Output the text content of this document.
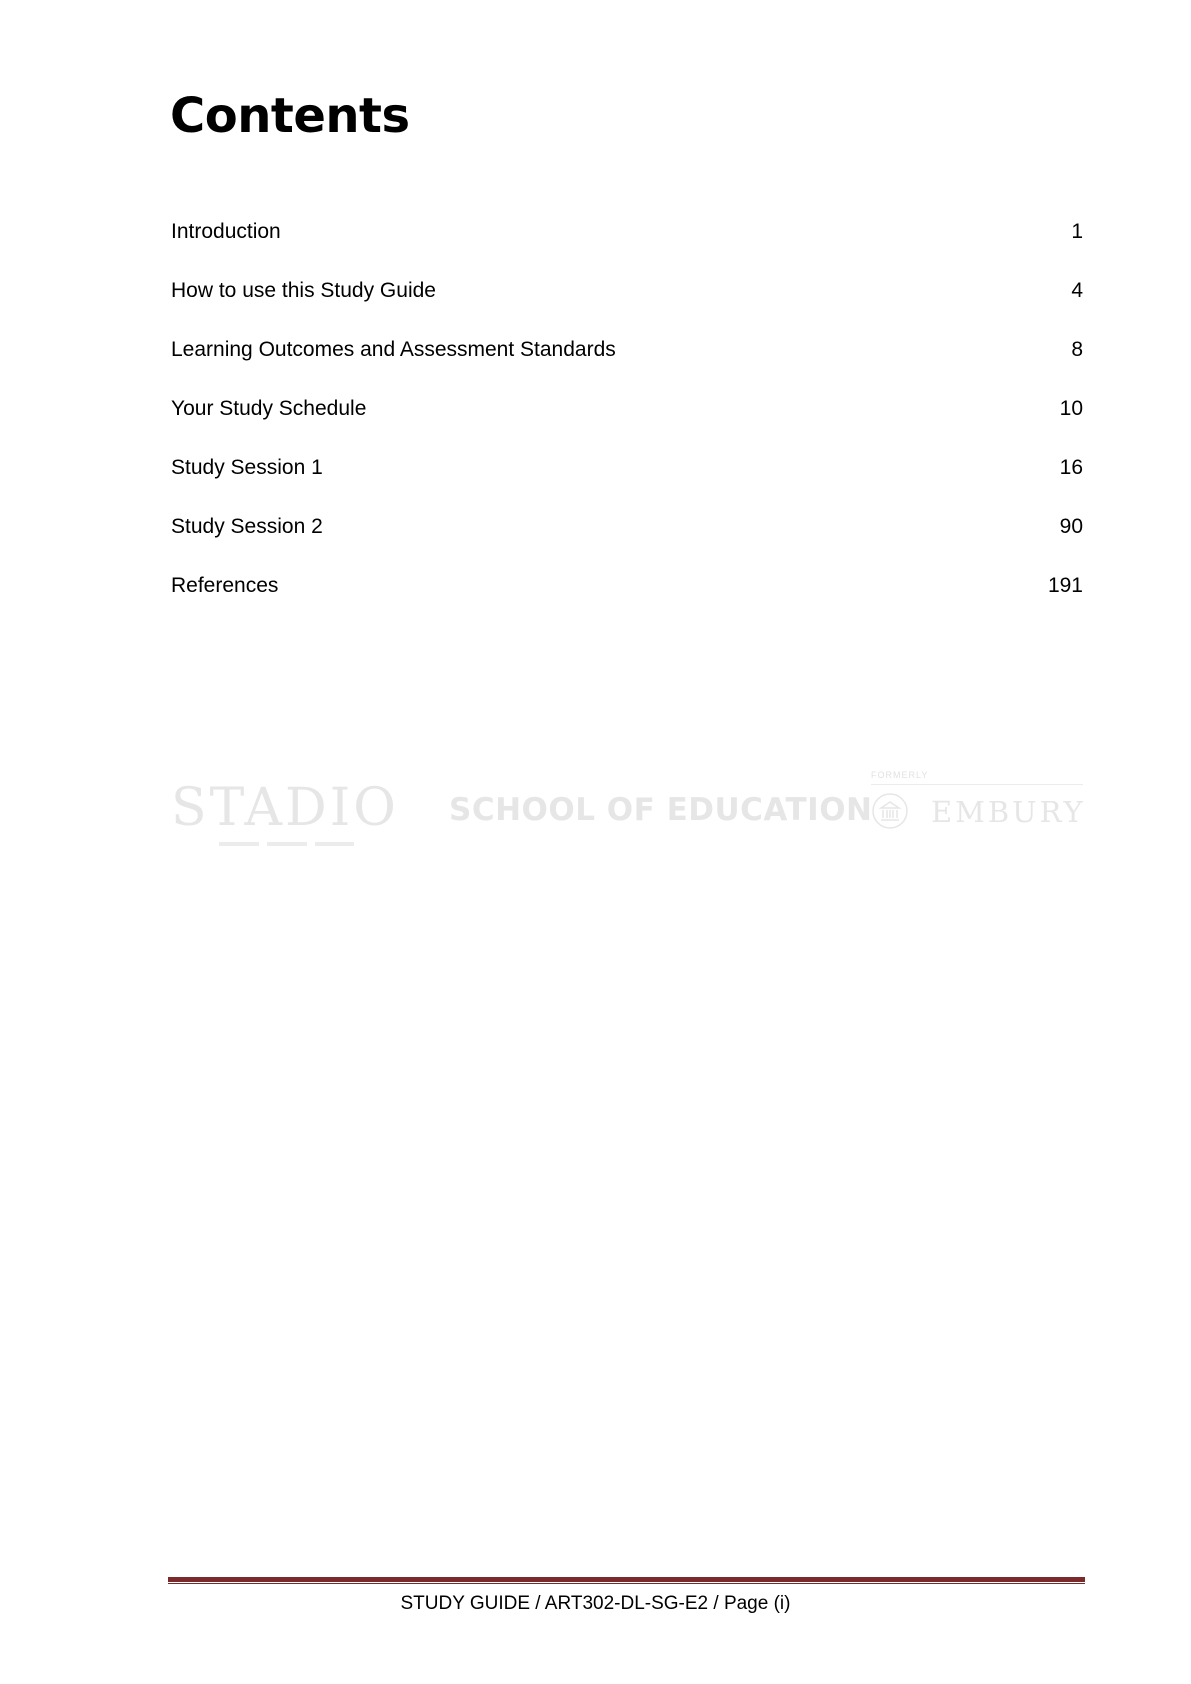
Contents
Introduction	1
How to use this Study Guide	4
Learning Outcomes and Assessment Standards	8
Your Study Schedule	10
Study Session 1	16
Study Session 2	90
References	191
STADIO SCHOOL OF EDUCATION
FORMERLY
EMBURY
STUDY GUIDE / ART302-DL-SG-E2 / Page (i)
